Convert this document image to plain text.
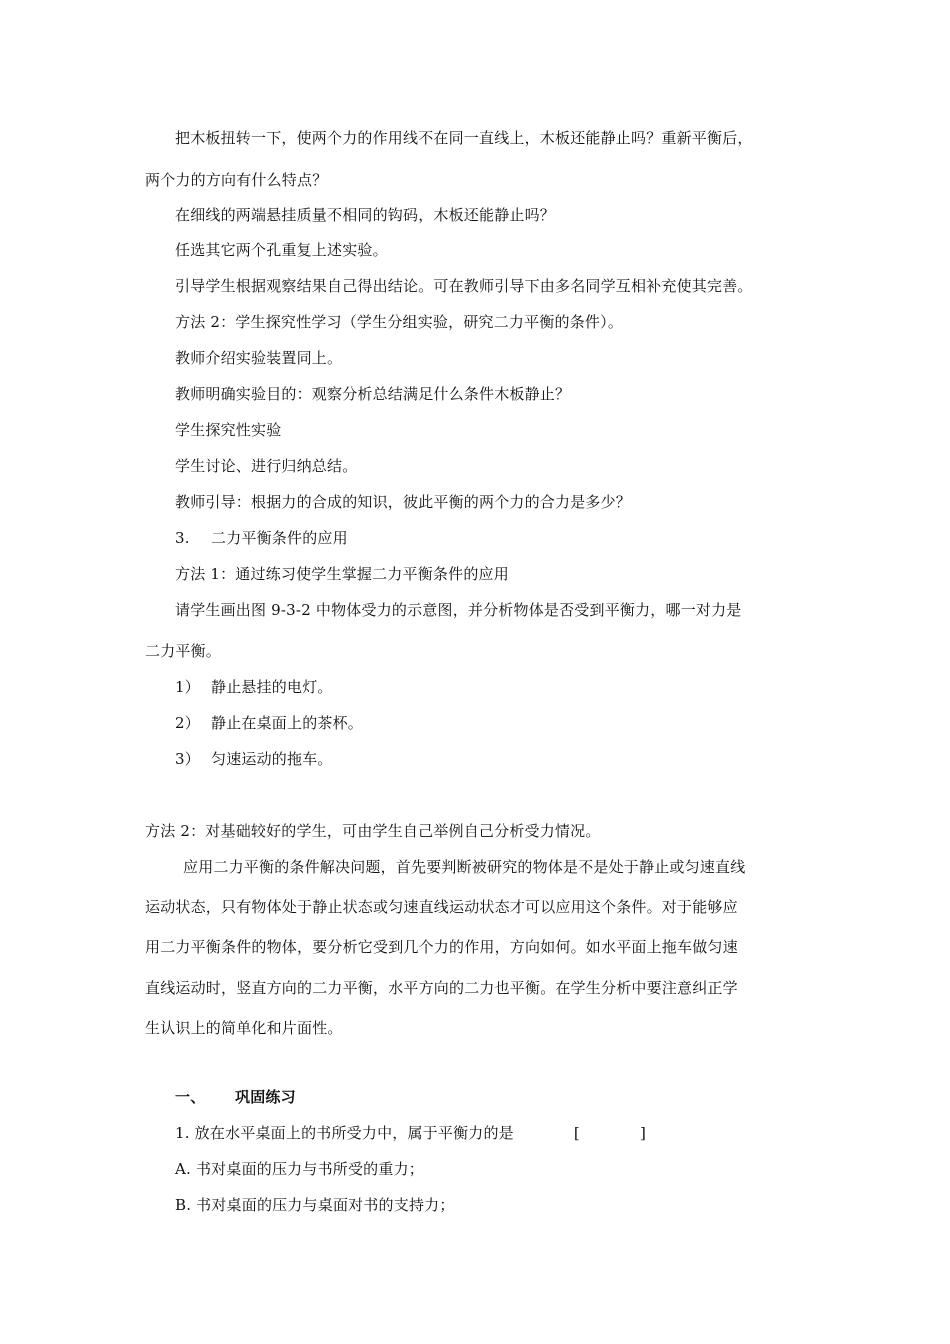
把木板扭转一下，使两个力的作用线不在同一直线上，木板还能静止吗？重新平衡后，
两个力的方向有什么特点？
在细线的两端悬挂质量不相同的钩码，木板还能静止吗？
任选其它两个孔重复上述实验。
引导学生根据观察结果自己得出结论。可在教师引导下由多名同学互相补充使其完善。
方法 2：学生探究性学习（学生分组实验，研究二力平衡的条件）。
教师介绍实验装置同上。
教师明确实验目的：观察分析总结满足什么条件木板静止？
学生探究性实验
学生讨论、进行归纳总结。
教师引导：根据力的合成的知识，彼此平衡的两个力的合力是多少？
3. 二力平衡条件的应用
方法 1：通过练习使学生掌握二力平衡条件的应用
请学生画出图 9-3-2 中物体受力的示意图，并分析物体是否受到平衡力，哪一对力是
二力平衡。
1） 静止悬挂的电灯。
2） 静止在桌面上的茶杯。
3） 匀速运动的拖车。
方法 2：对基础较好的学生，可由学生自己举例自己分析受力情况。
应用二力平衡的条件解决问题，首先要判断被研究的物体是不是处于静止或匀速直线
运动状态，只有物体处于静止状态或匀速直线运动状态才可以应用这个条件。对于能够应
用二力平衡条件的物体，要分析它受到几个力的作用，方向如何。如水平面上拖车做匀速
直线运动时，竖直方向的二力平衡，水平方向的二力也平衡。在学生分析中要注意纠正学
生认识上的简单化和片面性。
一、 巩固练习
1. 放在水平桌面上的书所受力中，属于平衡力的是	[	]
A. 书对桌面的压力与书所受的重力；
B. 书对桌面的压力与桌面对书的支持力；
